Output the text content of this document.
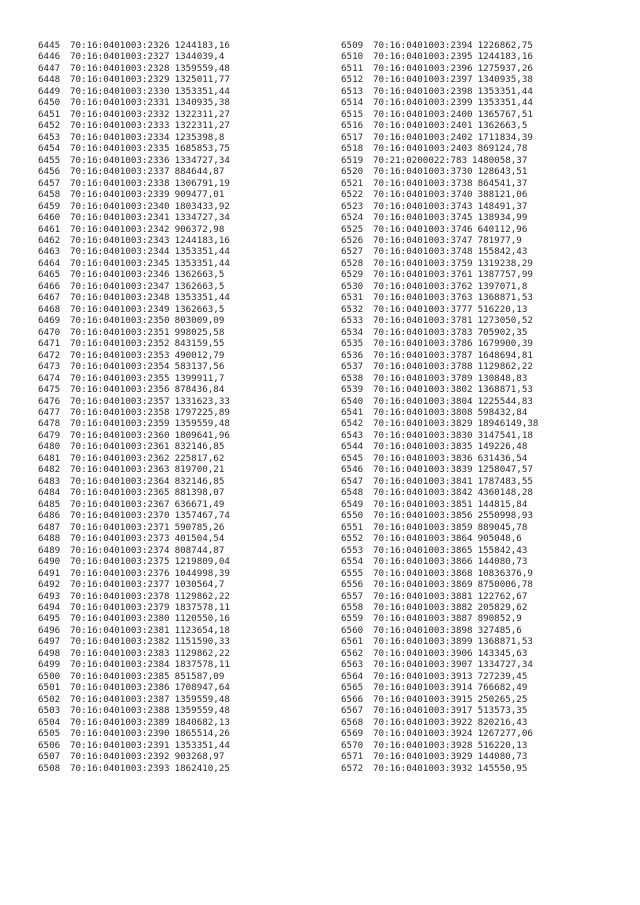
6445 70:16:0401003:2326 1244183,16
6446 70:16:0401003:2327 1344039,4
6447 70:16:0401003:2328 1359559,48
6448 70:16:0401003:2329 1325011,77
6449 70:16:0401003:2330 1353351,44
6450 70:16:0401003:2331 1340935,38
6451 70:16:0401003:2332 1322311,27
6452 70:16:0401003:2333 1322311,27
6453 70:16:0401003:2334 1235398,8
6454 70:16:0401003:2335 1685853,75
6455 70:16:0401003:2336 1334727,34
6456 70:16:0401003:2337 884644,87
6457 70:16:0401003:2338 1306791,19
6458 70:16:0401003:2339 909477,01
6459 70:16:0401003:2340 1803433,92
6460 70:16:0401003:2341 1334727,34
6461 70:16:0401003:2342 906372,98
6462 70:16:0401003:2343 1244183,16
6463 70:16:0401003:2344 1353351,44
6464 70:16:0401003:2345 1353351,44
6465 70:16:0401003:2346 1362663,5
6466 70:16:0401003:2347 1362663,5
6467 70:16:0401003:2348 1353351,44
6468 70:16:0401003:2349 1362663,5
6469 70:16:0401003:2350 803009,09
6470 70:16:0401003:2351 998025,58
6471 70:16:0401003:2352 843159,55
6472 70:16:0401003:2353 490012,79
6473 70:16:0401003:2354 583137,56
6474 70:16:0401003:2355 1399911,7
6475 70:16:0401003:2356 878436,84
6476 70:16:0401003:2357 1331623,33
6477 70:16:0401003:2358 1797225,89
6478 70:16:0401003:2359 1359559,48
6479 70:16:0401003:2360 1809641,96
6480 70:16:0401003:2361 832146,85
6481 70:16:0401003:2362 225817,62
6482 70:16:0401003:2363 819700,21
6483 70:16:0401003:2364 832146,85
6484 70:16:0401003:2365 881398,07
6485 70:16:0401003:2367 636671,49
6486 70:16:0401003:2370 1357467,74
6487 70:16:0401003:2371 590785,26
6488 70:16:0401003:2373 401504,54
6489 70:16:0401003:2374 808744,87
6490 70:16:0401003:2375 1219809,04
6491 70:16:0401003:2376 1044998,39
6492 70:16:0401003:2377 1030564,7
6493 70:16:0401003:2378 1129862,22
6494 70:16:0401003:2379 1837578,11
6495 70:16:0401003:2380 1120550,16
6496 70:16:0401003:2381 1123654,18
6497 70:16:0401003:2382 1151590,33
6498 70:16:0401003:2383 1129862,22
6499 70:16:0401003:2384 1837578,11
6500 70:16:0401003:2385 851587,09
6501 70:16:0401003:2386 1708947,64
6502 70:16:0401003:2387 1359559,48
6503 70:16:0401003:2388 1359559,48
6504 70:16:0401003:2389 1840682,13
6505 70:16:0401003:2390 1865514,26
6506 70:16:0401003:2391 1353351,44
6507 70:16:0401003:2392 903268,97
6508 70:16:0401003:2393 1862410,25
6509 70:16:0401003:2394 1226862,75
6510 70:16:0401003:2395 1244183,16
6511 70:16:0401003:2396 1275937,26
6512 70:16:0401003:2397 1340935,38
6513 70:16:0401003:2398 1353351,44
6514 70:16:0401003:2399 1353351,44
6515 70:16:0401003:2400 1365767,51
6516 70:16:0401003:2401 1362663,5
6517 70:16:0401003:2402 1711834,39
6518 70:16:0401003:2403 869124,78
6519 70:21:0200022:783 1480058,37
6520 70:16:0401003:3730 128643,51
6521 70:16:0401003:3738 864541,37
6522 70:16:0401003:3740 388121,06
6523 70:16:0401003:3743 148491,37
6524 70:16:0401003:3745 138934,99
6525 70:16:0401003:3746 640112,96
6526 70:16:0401003:3747 781977,9
6527 70:16:0401003:3748 155842,43
6528 70:16:0401003:3759 1319238,29
6529 70:16:0401003:3761 1387757,99
6530 70:16:0401003:3762 1397071,8
6531 70:16:0401003:3763 1368871,53
6532 70:16:0401003:3777 516220,13
6533 70:16:0401003:3781 1273050,52
6534 70:16:0401003:3783 705902,35
6535 70:16:0401003:3786 1679900,39
6536 70:16:0401003:3787 1648694,81
6537 70:16:0401003:3788 1129862,22
6538 70:16:0401003:3789 130848,83
6539 70:16:0401003:3802 1368871,53
6540 70:16:0401003:3804 1225544,83
6541 70:16:0401003:3808 598432,84
6542 70:16:0401003:3829 18946149,38
6543 70:16:0401003:3830 3147541,18
6544 70:16:0401003:3835 149226,48
6545 70:16:0401003:3836 631436,54
6546 70:16:0401003:3839 1258047,57
6547 70:16:0401003:3841 1787483,55
6548 70:16:0401003:3842 4360148,28
6549 70:16:0401003:3851 144815,84
6550 70:16:0401003:3856 2550998,93
6551 70:16:0401003:3859 889045,78
6552 70:16:0401003:3864 905048,6
6553 70:16:0401003:3865 155842,43
6554 70:16:0401003:3866 144080,73
6555 70:16:0401003:3868 10836376,9
6556 70:16:0401003:3869 8750006,78
6557 70:16:0401003:3881 122762,67
6558 70:16:0401003:3882 205829,62
6559 70:16:0401003:3887 890852,9
6560 70:16:0401003:3898 327485,6
6561 70:16:0401003:3899 1368871,53
6562 70:16:0401003:3906 143345,63
6563 70:16:0401003:3907 1334727,34
6564 70:16:0401003:3913 727239,45
6565 70:16:0401003:3914 766682,49
6566 70:16:0401003:3915 250265,25
6567 70:16:0401003:3917 513573,35
6568 70:16:0401003:3922 820216,43
6569 70:16:0401003:3924 1267277,06
6570 70:16:0401003:3928 516220,13
6571 70:16:0401003:3929 144080,73
6572 70:16:0401003:3932 145550,95
